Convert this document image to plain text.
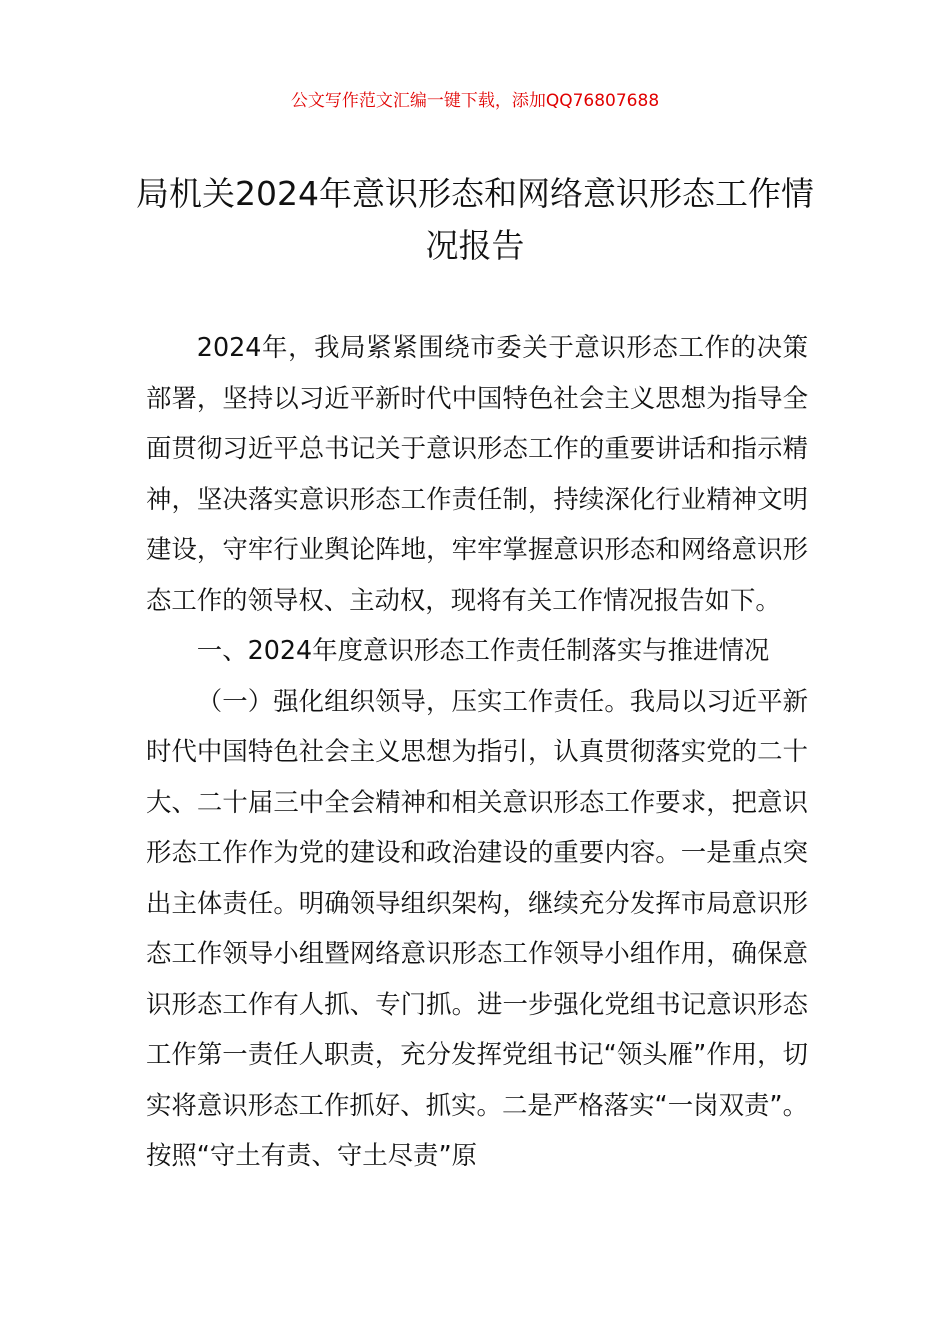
公文写作范文汇编一键下载，添加QQ76807688
局机关2024年意识形态和网络意识形态工作情况报告

2024年，我局紧紧围绕市委关于意识形态工作的决策部署，坚持以习近平新时代中国特色社会主义思想为指导全面贯彻习近平总书记关于意识形态工作的重要讲话和指示精神，坚决落实意识形态工作责任制，持续深化行业精神文明建设，守牢行业舆论阵地，牢牢掌握意识形态和网络意识形态工作的领导权、主动权，现将有关工作情况报告如下。

一、2024年度意识形态工作责任制落实与推进情况

（一）强化组织领导，压实工作责任。我局以习近平新时代中国特色社会主义思想为指引，认真贯彻落实党的二十大、二十届三中全会精神和相关意识形态工作要求，把意识形态工作作为党的建设和政治建设的重要内容。一是重点突出主体责任。明确领导组织架构，继续充分发挥市局意识形态工作领导小组暨网络意识形态工作领导小组作用，确保意识形态工作有人抓、专门抓。进一步强化党组书记意识形态工作第一责任人职责，充分发挥党组书记“领头雁”作用，切实将意识形态工作抓好、抓实。二是严格落实“一岗双责”。按照“守土有责、守土尽责”原
